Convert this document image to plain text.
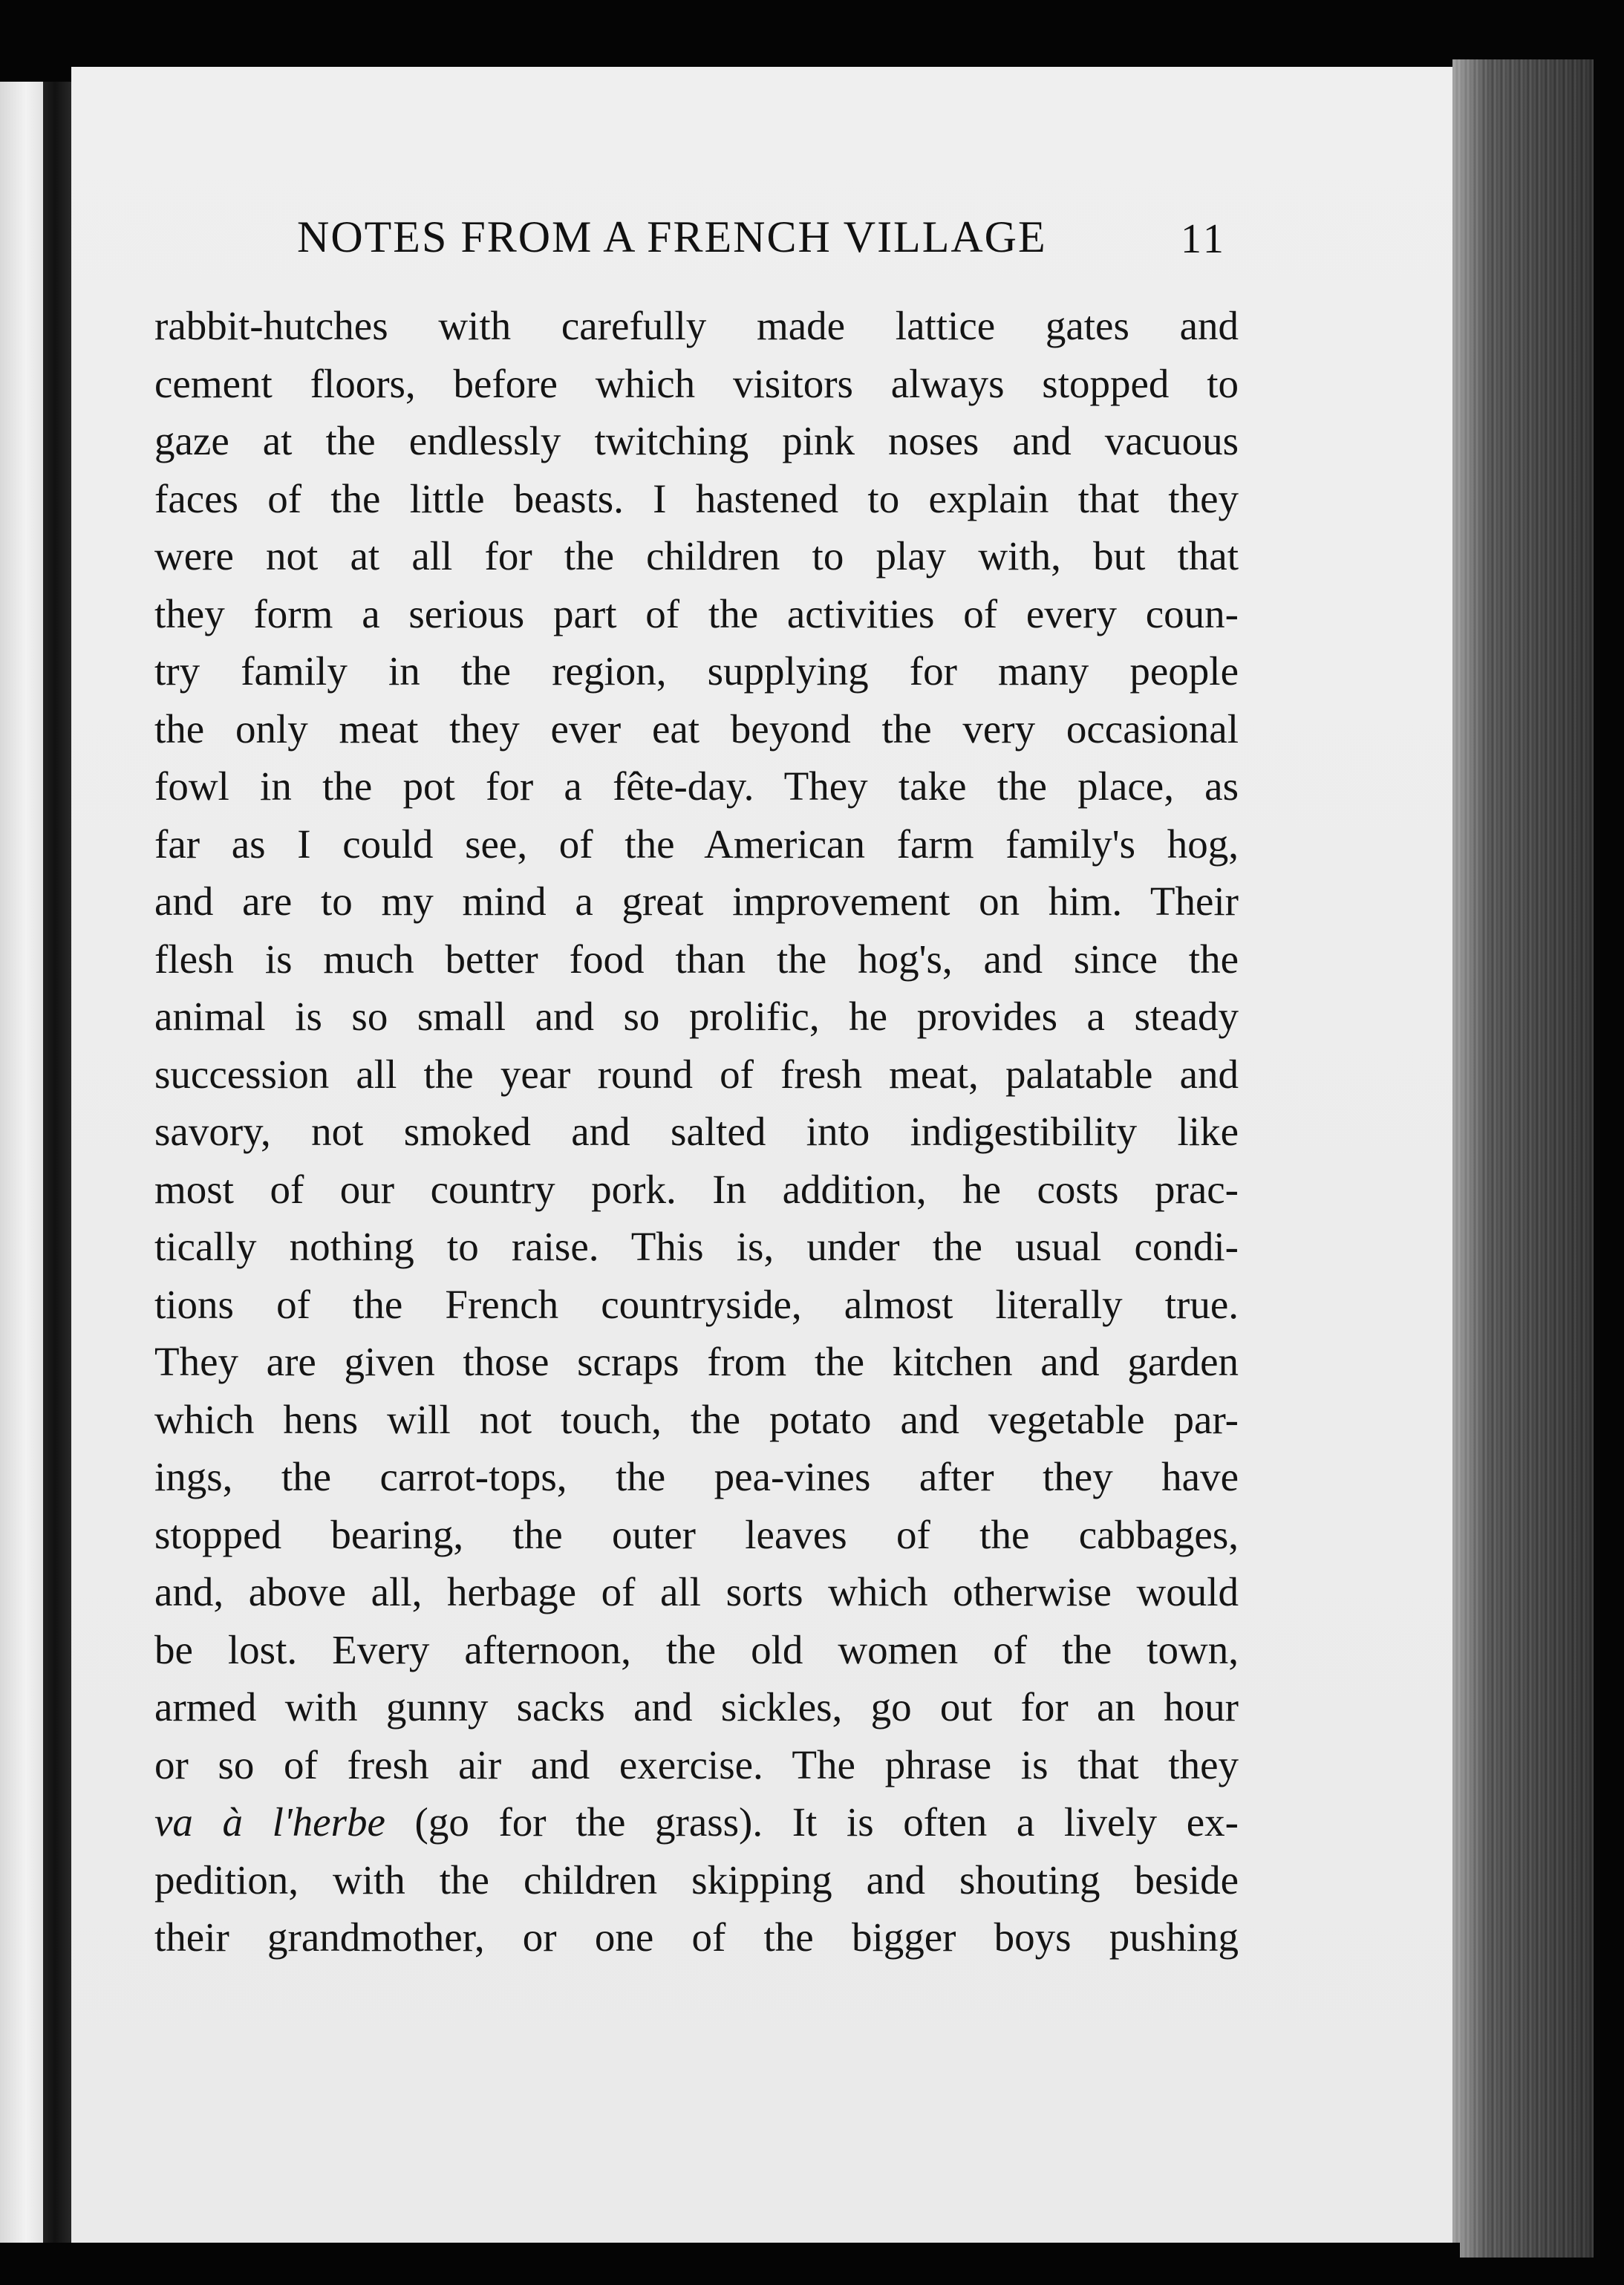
NOTES FROM A FRENCH VILLAGE	11
rabbit-hutches with carefully made lattice gates and
cement floors, before which visitors always stopped to
gaze at the endlessly twitching pink noses and vacuous
faces of the little beasts. I hastened to explain that they
were not at all for the children to play with, but that
they form a serious part of the activities of every coun-
try family in the region, supplying for many people
the only meat they ever eat beyond the very occasional
fowl in the pot for a fête-day. They take the place, as
far as I could see, of the American farm family's hog,
and are to my mind a great improvement on him. Their
flesh is much better food than the hog's, and since the
animal is so small and so prolific, he provides a steady
succession all the year round of fresh meat, palatable and
savory, not smoked and salted into indigestibility like
most of our country pork. In addition, he costs prac-
tically nothing to raise. This is, under the usual condi-
tions of the French countryside, almost literally true.
They are given those scraps from the kitchen and garden
which hens will not touch, the potato and vegetable par-
ings, the carrot-tops, the pea-vines after they have
stopped bearing, the outer leaves of the cabbages,
and, above all, herbage of all sorts which otherwise would
be lost. Every afternoon, the old women of the town,
armed with gunny sacks and sickles, go out for an hour
or so of fresh air and exercise. The phrase is that they
va à l'herbe (go for the grass). It is often a lively ex-
pedition, with the children skipping and shouting beside
their grandmother, or one of the bigger boys pushing
